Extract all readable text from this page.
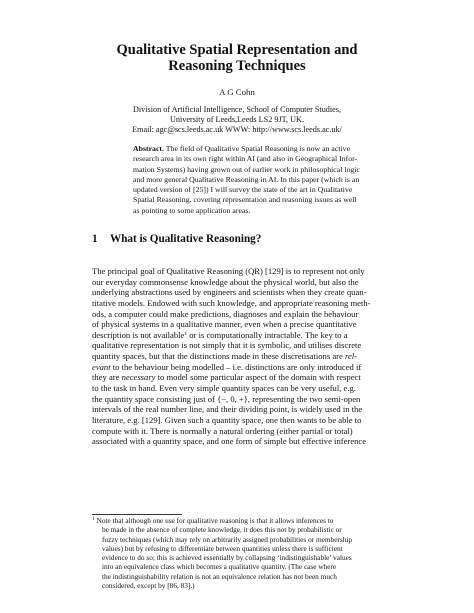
Qualitative Spatial Representation and
Reasoning Techniques
A G Cohn
Division of Artificial Intelligence, School of Computer Studies,
University of Leeds,Leeds LS2 9JT, UK.
Email: agc@scs.leeds.ac.uk WWW: http://www.scs.leeds.ac.uk/
Abstract. The field of Qualitative Spatial Reasoning is now an active
research area in its own right within AI (and also in Geographical Infor-
mation Systems) having grown out of earlier work in philosophical logic
and more general Qualitative Reasoning in AI. In this paper (which is an
updated version of [25]) I will survey the state of the art in Qualitative
Spatial Reasoning, covering representation and reasoning issues as well
as pointing to some application areas.
1 What is Qualitative Reasoning?
The principal goal of Qualitative Reasoning (QR) [129] is to represent not only
our everyday commonsense knowledge about the physical world, but also the
underlying abstractions used by engineers and scientists when they create quan-
titative models. Endowed with such knowledge, and appropriate reasoning meth-
ods, a computer could make predictions, diagnoses and explain the behaviour
of physical systems in a qualitative manner, even when a precise quantitative
description is not available$^1$ or is computationally intractable. The key to a
qualitative representation is not simply that it is symbolic, and utilises discrete
quantity spaces, but that the distinctions made in these discretisations are rel-
evant to the behaviour being modelled – i.e. distinctions are only introduced if
they are necessary to model some particular aspect of the domain with respect
to the task in hand. Even very simple quantity spaces can be very useful, e.g.
the quantity space consisting just of {−, 0, +}, representing the two semi-open
intervals of the real number line, and their dividing point, is widely used in the
literature, e.g. [129]. Given such a quantity space, one then wants to be able to
compute with it. There is normally a natural ordering (either partial or total)
associated with a quantity space, and one form of simple but effective inference
$^1$ Note that although one use for qualitative reasoning is that it allows inferences to
be made in the absence of complete knowledge, it does this not by probabilistic or
fuzzy techniques (which may rely on arbitrarily assigned probabilities or membership
values) but by refusing to differentiate between quantities unless there is sufficient
evidence to do so; this is achieved essentially by collapsing ‘indistinguishable’ values
into an equivalence class which becomes a qualitative quantity. (The case where
the indistinguishability relation is not an equivalence relation has not been much
considered, except by [86, 83].)
